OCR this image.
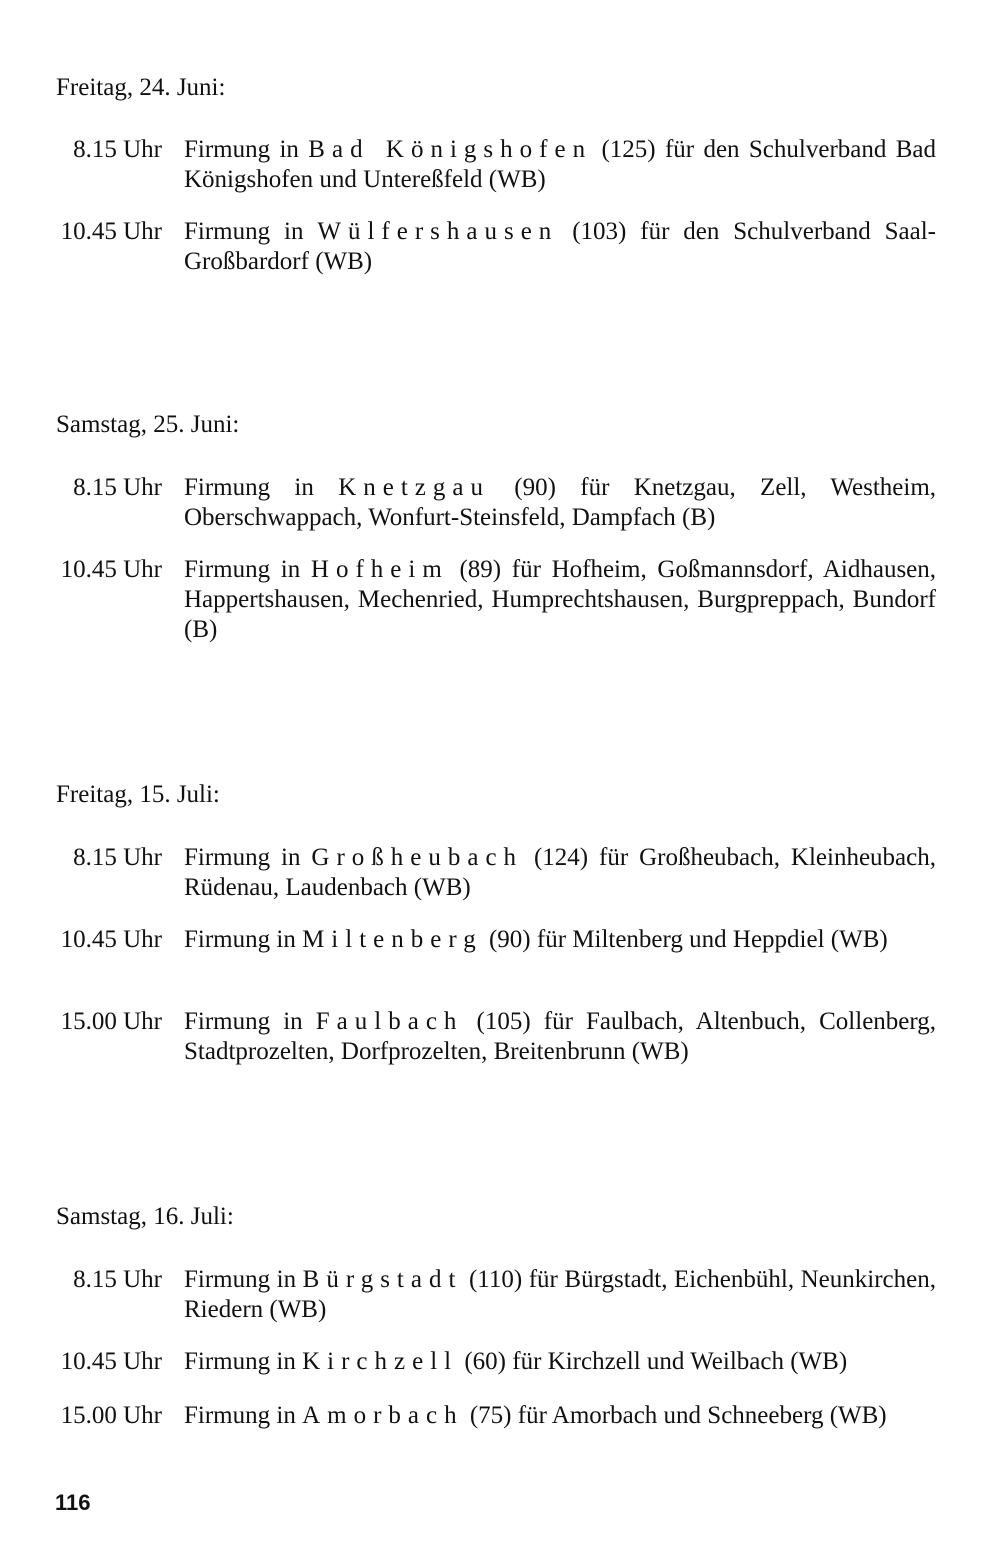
Freitag, 24. Juni:
8.15 Uhr Firmung in Bad Königshofen (125) für den Schulverband Bad Königshofen und Untereßfeld (WB)
10.45 Uhr Firmung in Wülfershausen (103) für den Schulverband Saal-Großbardorf (WB)
Samstag, 25. Juni:
8.15 Uhr Firmung in Knetzgau (90) für Knetzgau, Zell, Westheim, Oberschwappach, Wonfurt-Steinsfeld, Dampfach (B)
10.45 Uhr Firmung in Hofheim (89) für Hofheim, Goßmannsdorf, Aidhausen, Happertshausen, Mechenried, Humprechtshausen, Burgpreppach, Bundorf (B)
Freitag, 15. Juli:
8.15 Uhr Firmung in Großheubach (124) für Großheubach, Kleinheubach, Rüdenau, Laudenbach (WB)
10.45 Uhr Firmung in Miltenberg (90) für Miltenberg und Heppdiel (WB)
15.00 Uhr Firmung in Faulbach (105) für Faulbach, Altenbuch, Collenberg, Stadtprozelten, Dorfprozelten, Breitenbrunn (WB)
Samstag, 16. Juli:
8.15 Uhr Firmung in Bürgstadt (110) für Bürgstadt, Eichenbühl, Neunkirchen, Riedern (WB)
10.45 Uhr Firmung in Kirchzell (60) für Kirchzell und Weilbach (WB)
15.00 Uhr Firmung in Amorbach (75) für Amorbach und Schneeberg (WB)
116
